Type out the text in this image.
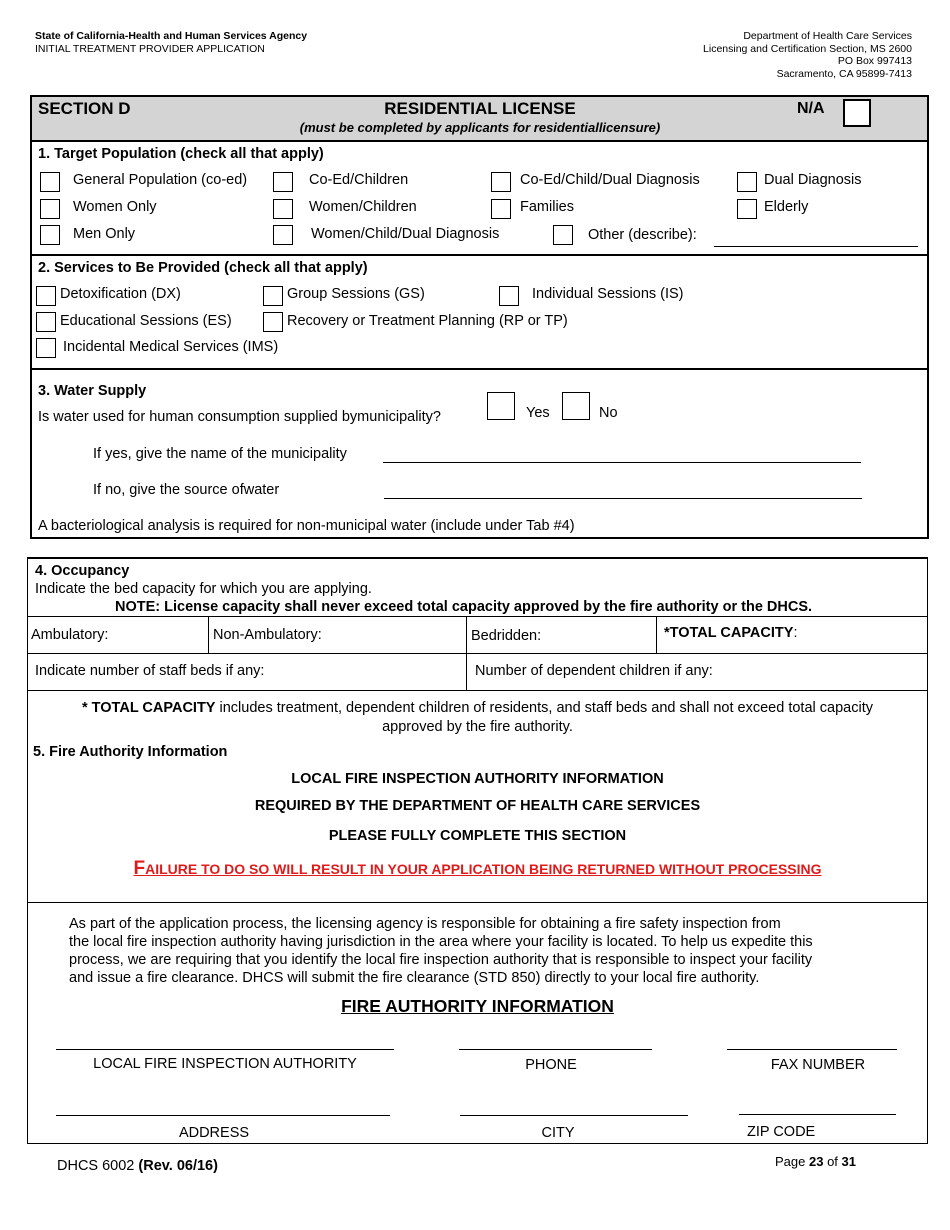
State of California-Health and Human Services Agency
INITIAL TREATMENT PROVIDER APPLICATION
Department of Health Care Services
Licensing and Certification Section, MS 2600
PO Box 997413
Sacramento, CA 95899-7413
SECTION D	RESIDENTIAL LICENSE
(must be completed by applicants for residentiallicensure)
N/A
1. Target Population (check all that apply)
General Population (co-ed)	Co-Ed/Children	Co-Ed/Child/Dual Diagnosis	Dual Diagnosis
Women Only	Women/Children	Families	Elderly
Men Only	Women/Child/Dual Diagnosis	Other (describe):
2. Services to Be Provided (check all that apply)
Detoxification (DX)	Group Sessions (GS)	Individual Sessions (IS)
Educational Sessions (ES)	Recovery or Treatment Planning (RP or TP)
Incidental Medical Services (IMS)
3. Water Supply
Is water used for human consumption supplied bymunicipality?	Yes	No
If yes, give the name of the municipality
If no, give the source ofwater
A bacteriological analysis is required for non-municipal water (include under Tab #4)
4. Occupancy
Indicate the bed capacity for which you are applying.
NOTE: License capacity shall never exceed total capacity approved by the fire authority or the DHCS.
Ambulatory:	Non-Ambulatory:	Bedridden:	*TOTAL CAPACITY:
Indicate number of staff beds if any:	Number of dependent children if any:
* TOTAL CAPACITY includes treatment, dependent children of residents, and staff beds and shall not exceed total capacity
approved by the fire authority.
5. Fire Authority Information
LOCAL FIRE INSPECTION AUTHORITY INFORMATION
REQUIRED BY THE DEPARTMENT OF HEALTH CARE SERVICES
PLEASE FULLY COMPLETE THIS SECTION
FAILURE TO DO SO WILL RESULT IN YOUR APPLICATION BEING RETURNED WITHOUT PROCESSING
As part of the application process, the licensing agency is responsible for obtaining a fire safety inspection from
the local fire inspection authority having jurisdiction in the area where your facility is located. To help us expedite this
process, we are requiring that you identify the local fire inspection authority that is responsible to inspect your facility
and issue a fire clearance. DHCS will submit the fire clearance (STD 850) directly to your local fire authority.
FIRE AUTHORITY INFORMATION
LOCAL FIRE INSPECTION AUTHORITY	PHONE	FAX NUMBER
ADDRESS	CITY	ZIP CODE
DHCS 6002 (Rev. 06/16)	Page 23 of 31
